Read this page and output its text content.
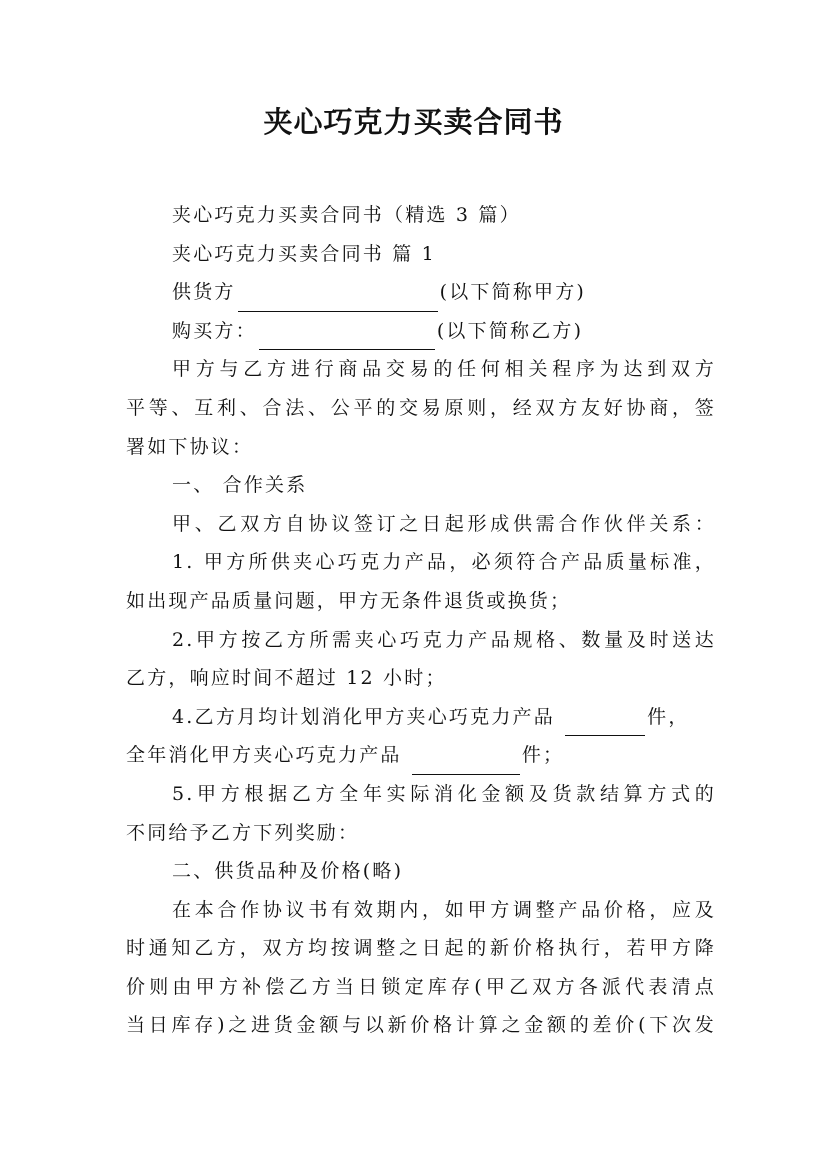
夹心巧克力买卖合同书
夹心巧克力买卖合同书（精选 3 篇）
夹心巧克力买卖合同书 篇 1
供货方	(以下简称甲方)
购买方：	(以下简称乙方)
甲方与乙方进行商品交易的任何相关程序为达到双方
平等、互利、合法、公平的交易原则，经双方友好协商，签
署如下协议：
一、 合作关系
甲、乙双方自协议签订之日起形成供需合作伙伴关系：
1. 甲方所供夹心巧克力产品，必须符合产品质量标准，
如出现产品质量问题，甲方无条件退货或换货；
2.甲方按乙方所需夹心巧克力产品规格、数量及时送达
乙方，响应时间不超过 12 小时；
4.乙方月均计划消化甲方夹心巧克力产品	件，
全年消化甲方夹心巧克力产品	件；
5.甲方根据乙方全年实际消化金额及货款结算方式的
不同给予乙方下列奖励：
二、供货品种及价格(略)
在本合作协议书有效期内，如甲方调整产品价格，应及
时通知乙方，双方均按调整之日起的新价格执行，若甲方降
价则由甲方补偿乙方当日锁定库存(甲乙双方各派代表清点
当日库存)之进货金额与以新价格计算之金额的差价(下次发
